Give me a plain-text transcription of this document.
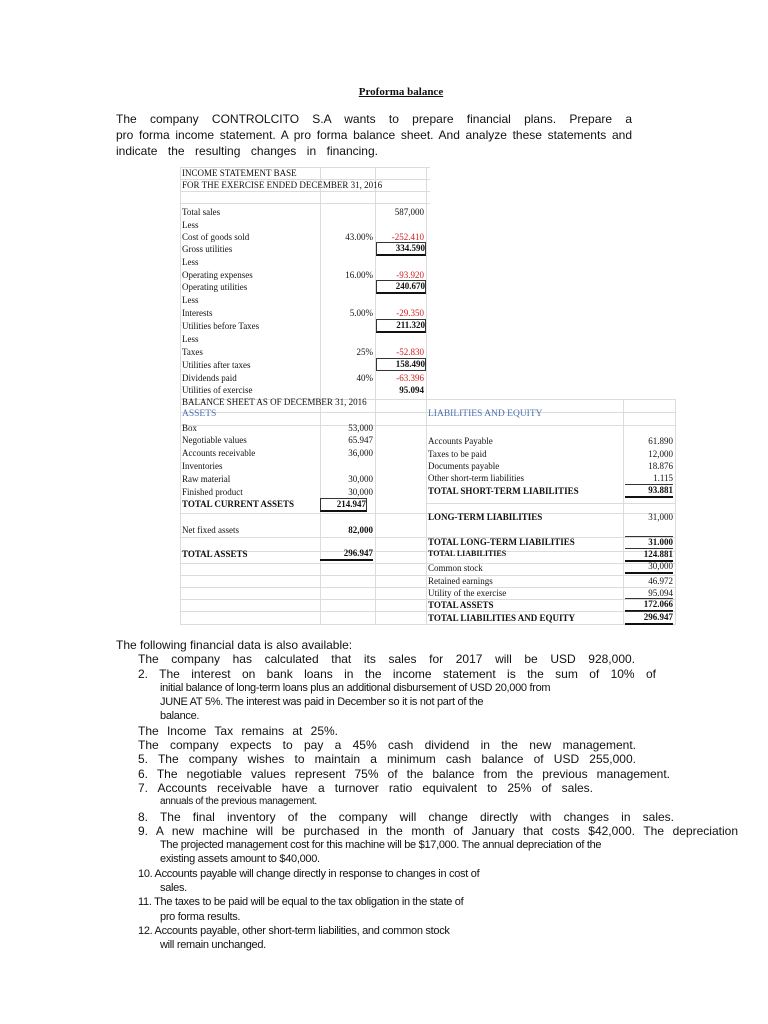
Proforma balance
The company CONTROLCITO S.A wants to prepare financial plans. Prepare a
pro forma income statement. A pro forma balance sheet. And analyze these statements and
indicate the resulting changes in financing.
INCOME STATEMENT BASE
FOR THE EXERCISE ENDED DECEMBER 31, 2016
Total sales	587,000
Less
Cost of goods sold	43.00%	-252.410
Gross utilities	334.590
Less
Operating expenses	16.00%	-93.920
Operating utilities	240.670
Less
Interests	5.00%	-29.350
Utilities before Taxes	211.320
Less
Taxes	25%	-52.830
Utilities after taxes	158.490
Dividends paid	40%	-63.396
Utilities of exercise	95.094
BALANCE SHEET AS OF DECEMBER 31, 2016
ASSETS	LIABILITIES AND EQUITY
Box	53,000
Negotiable values	65.947
Accounts receivable	36,000
Inventories
Raw material	30,000
Finished product	30,000
TOTAL CURRENT ASSETS	214.947
Net fixed assets	82,000
TOTAL ASSETS	296.947
Accounts Payable	61.890
Taxes to be paid	12,000
Documents payable	18.876
Other short-term liabilities	1.115
TOTAL SHORT-TERM LIABILITIES	93.881
LONG-TERM LIABILITIES	31,000
TOTAL LONG-TERM LIABILITIES	31.000
TOTAL LIABILITIES	124.881
Common stock	30,000
Retained earnings	46.972
Utility of the exercise	95.094
TOTAL ASSETS	172.066
TOTAL LIABILITIES AND EQUITY	296.947
The following financial data is also available:
The company has calculated that its sales for 2017 will be USD 928,000.
2. The interest on bank loans in the income statement is the sum of 10% of
initial balance of long-term loans plus an additional disbursement of USD 20,000 from
JUNE AT 5%. The interest was paid in December so it is not part of the
balance.
The Income Tax remains at 25%.
The company expects to pay a 45% cash dividend in the new management.
5. The company wishes to maintain a minimum cash balance of USD 255,000.
6. The negotiable values represent 75% of the balance from the previous management.
7. Accounts receivable have a turnover ratio equivalent to 25% of sales.
annuals of the previous management.
8. The final inventory of the company will change directly with changes in sales.
9. A new machine will be purchased in the month of January that costs $42,000. The depreciation
The projected management cost for this machine will be $17,000. The annual depreciation of the
existing assets amount to $40,000.
10. Accounts payable will change directly in response to changes in cost of
sales.
11. The taxes to be paid will be equal to the tax obligation in the state of
pro forma results.
12. Accounts payable, other short-term liabilities, and common stock
will remain unchanged.
